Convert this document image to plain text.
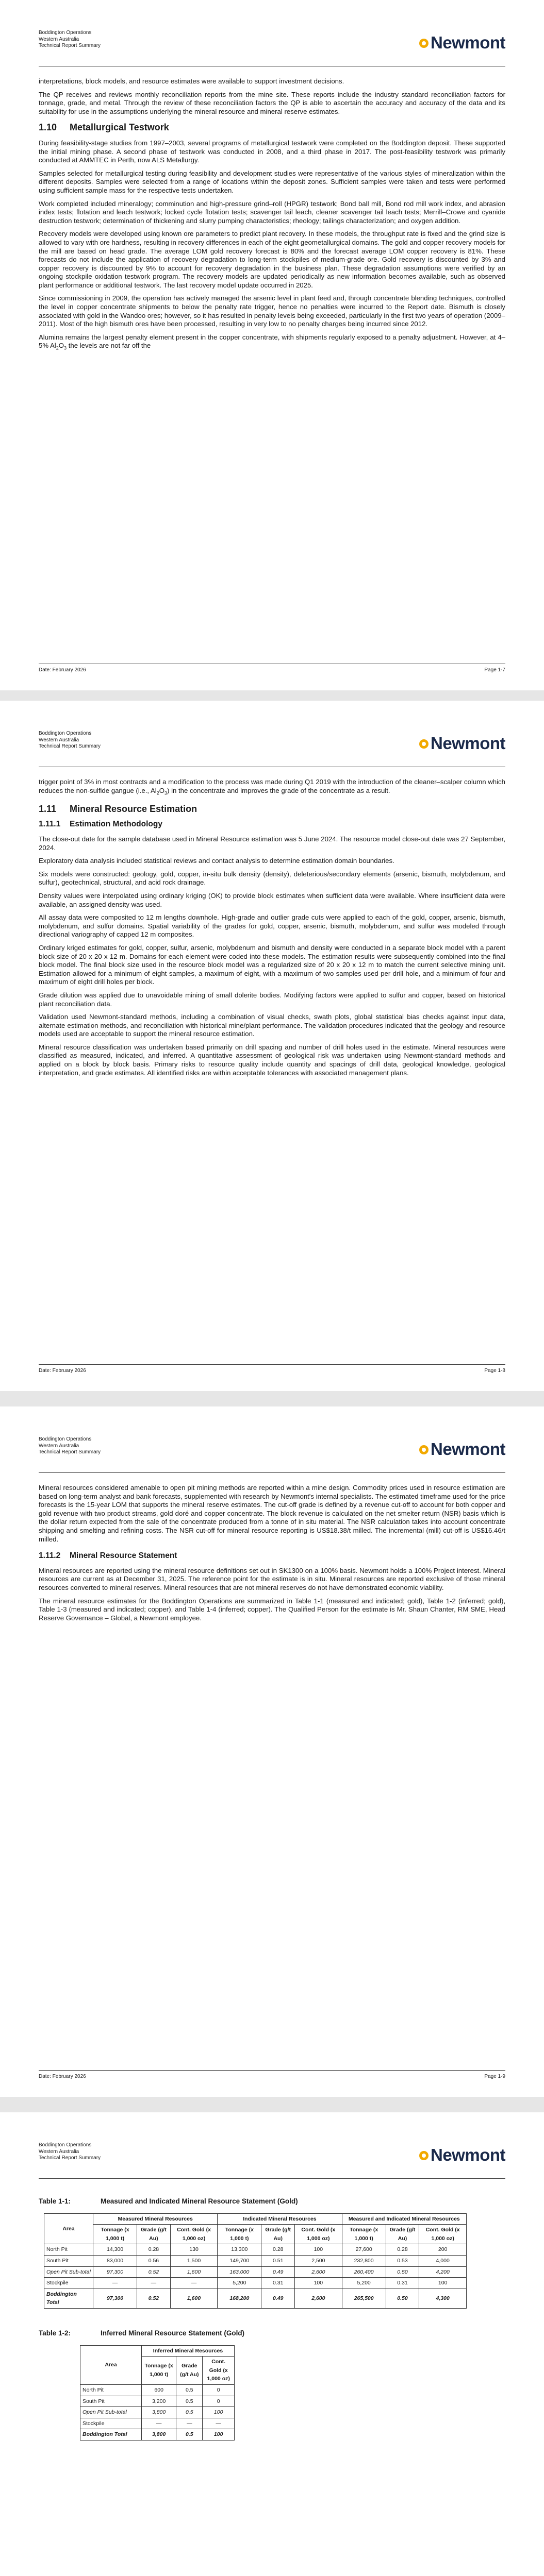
Boddington Operations
Western Australia
Technical Report Summary	Newmont

interpretations, block models, and resource estimates were available to support investment decisions.

The QP receives and reviews monthly reconciliation reports from the mine site. These reports include the industry standard reconciliation factors for tonnage, grade, and metal. Through the review of these reconciliation factors the QP is able to ascertain the accuracy and accuracy of the data and its suitability for use in the assumptions underlying the mineral resource and mineral reserve estimates.

1.10 Metallurgical Testwork

During feasibility-stage studies from 1997–2003, several programs of metallurgical testwork were completed on the Boddington deposit. These supported the initial mining phase. A second phase of testwork was conducted in 2008, and a third phase in 2017. The post-feasibility testwork was primarily conducted at AMMTEC in Perth, now ALS Metallurgy.

Samples selected for metallurgical testing during feasibility and development studies were representative of the various styles of mineralization within the different deposits. Samples were selected from a range of locations within the deposit zones. Sufficient samples were taken and tests were performed using sufficient sample mass for the respective tests undertaken.

Work completed included mineralogy; comminution and high-pressure grind–roll (HPGR) testwork; Bond ball mill, Bond rod mill work index, and abrasion index tests; flotation and leach testwork; locked cycle flotation tests; scavenger tail leach, cleaner scavenger tail leach tests; Merrill–Crowe and cyanide destruction testwork; determination of thickening and slurry pumping characteristics; rheology; tailings characterization; and oxygen addition.

Recovery models were developed using known ore parameters to predict plant recovery. In these models, the throughput rate is fixed and the grind size is allowed to vary with ore hardness, resulting in recovery differences in each of the eight geometallurgical domains. The gold and copper recovery models for the mill are based on head grade. The average LOM gold recovery forecast is 80% and the forecast average LOM copper recovery is 81%. These forecasts do not include the application of recovery degradation to long-term stockpiles of medium-grade ore. Gold recovery is discounted by 3% and copper recovery is discounted by 9% to account for recovery degradation in the business plan. These degradation assumptions were verified by an ongoing stockpile oxidation testwork program. The recovery models are updated periodically as new information becomes available, such as observed plant performance or additional testwork. The last recovery model update occurred in 2025.

Since commissioning in 2009, the operation has actively managed the arsenic level in plant feed and, through concentrate blending techniques, controlled the level in copper concentrate shipments to below the penalty rate trigger, hence no penalties were incurred to the Report date. Bismuth is closely associated with gold in the Wandoo ores; however, so it has resulted in penalty levels being exceeded, particularly in the first two years of operation (2009–2011). Most of the high bismuth ores have been processed, resulting in very low to no penalty charges being incurred since 2012.

Alumina remains the largest penalty element present in the copper concentrate, with shipments regularly exposed to a penalty adjustment. However, at 4–5% $Al_2O_3$ the levels are not far off the

Date: February 2026	Page 1-7
Boddington Operations
Western Australia
Technical Report Summary	Newmont

trigger point of 3% in most contracts and a modification to the process was made during Q1 2019 with the introduction of the cleaner–scalper column which reduces the non-sulfide gangue (i.e., $Al_2O_3$) in the concentrate and improves the grade of the concentrate as a result.

1.11 Mineral Resource Estimation
1.11.1 Estimation Methodology

The close-out date for the sample database used in Mineral Resource estimation was 5 June 2024. The resource model close-out date was 27 September, 2024.

Exploratory data analysis included statistical reviews and contact analysis to determine estimation domain boundaries.

Six models were constructed: geology, gold, copper, in-situ bulk density (density), deleterious/secondary elements (arsenic, bismuth, molybdenum, and sulfur), geotechnical, structural, and acid rock drainage.

Density values were interpolated using ordinary kriging (OK) to provide block estimates when sufficient data were available. Where insufficient data were available, an assigned density was used.

All assay data were composited to 12 m lengths downhole. High-grade and outlier grade cuts were applied to each of the gold, copper, arsenic, bismuth, molybdenum, and sulfur domains. Spatial variability of the grades for gold, copper, arsenic, bismuth, molybdenum, and sulfur was modeled through directional variography of capped 12 m composites.

Ordinary kriged estimates for gold, copper, sulfur, arsenic, molybdenum and bismuth and density were conducted in a separate block model with a parent block size of 20 x 20 x 12 m. Domains for each element were coded into these models. The estimation results were subsequently combined into the final block model. The final block size used in the resource block model was a regularized size of 20 x 20 x 12 m to match the current selective mining unit. Estimation allowed for a minimum of eight samples, a maximum of eight, with a maximum of two samples used per drill hole, and a minimum of four and maximum of eight drill holes per block.

Grade dilution was applied due to unavoidable mining of small dolerite bodies. Modifying factors were applied to sulfur and copper, based on historical plant reconciliation data.

Validation used Newmont-standard methods, including a combination of visual checks, swath plots, global statistical bias checks against input data, alternate estimation methods, and reconciliation with historical mine/plant performance. The validation procedures indicated that the geology and resource models used are acceptable to support the mineral resource estimation.

Mineral resource classification was undertaken based primarily on drill spacing and number of drill holes used in the estimate. Mineral resources were classified as measured, indicated, and inferred. A quantitative assessment of geological risk was undertaken using Newmont-standard methods and applied on a block by block basis. Primary risks to resource quality include quantity and spacings of drill data, geological knowledge, geological interpretation, and grade estimates. All identified risks are within acceptable tolerances with associated management plans.

Date: February 2026	Page 1-8
Boddington Operations
Western Australia
Technical Report Summary	Newmont

Mineral resources considered amenable to open pit mining methods are reported within a mine design. Commodity prices used in resource estimation are based on long-term analyst and bank forecasts, supplemented with research by Newmont's internal specialists. The estimated timeframe used for the price forecasts is the 15-year LOM that supports the mineral reserve estimates. The cut-off grade is defined by a revenue cut-off to account for both copper and gold revenue with two product streams, gold doré and copper concentrate. The block revenue is calculated on the net smelter return (NSR) basis which is the dollar return expected from the sale of the concentrate produced from a tonne of in situ material. The NSR calculation takes into account concentrate shipping and smelting and refining costs. The NSR cut-off for mineral resource reporting is US$18.38/t milled. The incremental (mill) cut-off is US$16.46/t milled.

1.11.2 Mineral Resource Statement

Mineral resources are reported using the mineral resource definitions set out in SK1300 on a 100% basis. Newmont holds a 100% Project interest. Mineral resources are current as at December 31, 2025. The reference point for the estimate is in situ. Mineral resources are reported exclusive of those mineral resources converted to mineral reserves. Mineral resources that are not mineral reserves do not have demonstrated economic viability.

The mineral resource estimates for the Boddington Operations are summarized in Table 1-1 (measured and indicated; gold), Table 1-2 (inferred; gold), Table 1-3 (measured and indicated; copper), and Table 1-4 (inferred; copper). The Qualified Person for the estimate is Mr. Shaun Chanter, RM SME, Head Reserve Governance – Global, a Newmont employee.

Date: February 2026	Page 1-9
Boddington Operations
Western Australia
Technical Report Summary	Newmont
Table 1-1:	Measured and Indicated Mineral Resource Statement (Gold)
Area	Measured Mineral Resources			Indicated Mineral Resources			Measured and Indicated Mineral Resources		
	Tonnage (x 1,000 t)	Grade (g/t Au)	Cont. Gold (x 1,000 oz)	Tonnage (x 1,000 t)	Grade (g/t Au)	Cont. Gold (x 1,000 oz)	Tonnage (x 1,000 t)	Grade (g/t Au)	Cont. Gold (x 1,000 oz)
North Pit	14,300	0.28	130	13,300	0.28	100	27,600	0.28	200
South Pit	83,000	0.56	1,500	149,700	0.51	2,500	232,800	0.53	4,000
Open Pit Sub-total	97,300	0.52	1,600	163,000	0.49	2,600	260,400	0.50	4,200
Stockpile	—	—	—	5,200	0.31	100	5,200	0.31	100
Boddington Total	97,300	0.52	1,600	168,200	0.49	2,600	265,500	0.50	4,300
Table 1-2:	Inferred Mineral Resource Statement (Gold)
Area	Inferred Mineral Resources		
	Tonnage (x 1,000 t)	Grade (g/t Au)	Cont. Gold (x 1,000 oz)
North Pit	600	0.5	0
South Pit	3,200	0.5	0
Open Pit Sub-total	3,800	0.5	100
Stockpile	—	—	—
Boddington Total	3,800	0.5	100
